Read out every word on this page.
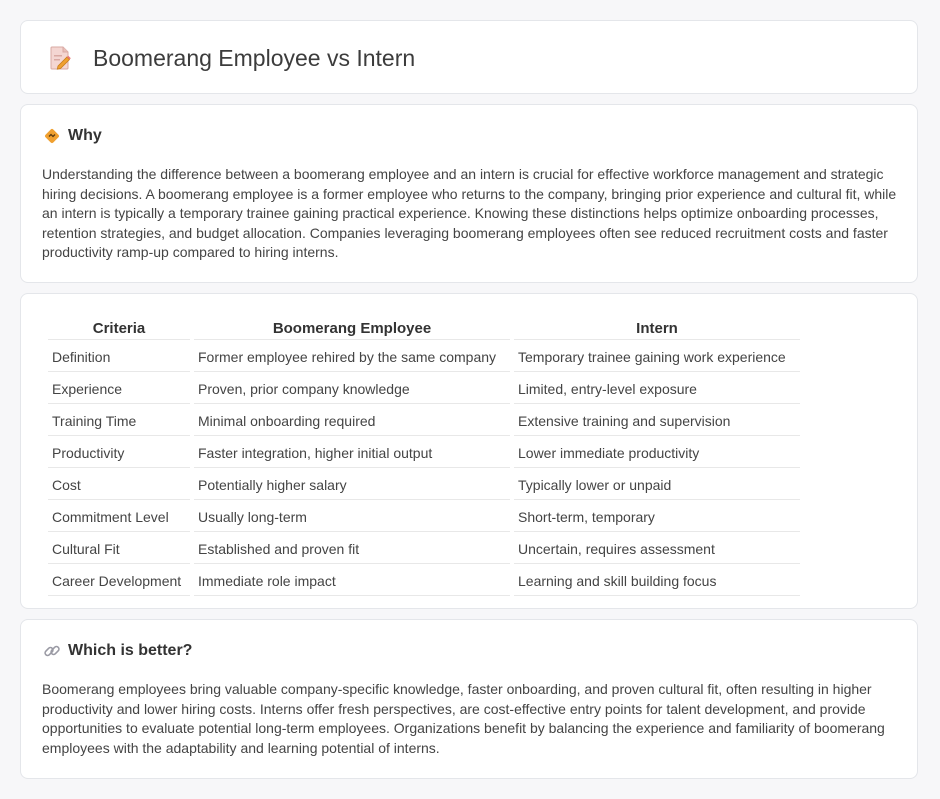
Boomerang Employee vs Intern
Why
Understanding the difference between a boomerang employee and an intern is crucial for effective workforce management and strategic hiring decisions. A boomerang employee is a former employee who returns to the company, bringing prior experience and cultural fit, while an intern is typically a temporary trainee gaining practical experience. Knowing these distinctions helps optimize onboarding processes, retention strategies, and budget allocation. Companies leveraging boomerang employees often see reduced recruitment costs and faster productivity ramp-up compared to hiring interns.
Criteria	Boomerang Employee	Intern
Definition	Former employee rehired by the same company	Temporary trainee gaining work experience
Experience	Proven, prior company knowledge	Limited, entry-level exposure
Training Time	Minimal onboarding required	Extensive training and supervision
Productivity	Faster integration, higher initial output	Lower immediate productivity
Cost	Potentially higher salary	Typically lower or unpaid
Commitment Level	Usually long-term	Short-term, temporary
Cultural Fit	Established and proven fit	Uncertain, requires assessment
Career Development	Immediate role impact	Learning and skill building focus
Which is better?
Boomerang employees bring valuable company-specific knowledge, faster onboarding, and proven cultural fit, often resulting in higher productivity and lower hiring costs. Interns offer fresh perspectives, are cost-effective entry points for talent development, and provide opportunities to evaluate potential long-term employees. Organizations benefit by balancing the experience and familiarity of boomerang employees with the adaptability and learning potential of interns.
